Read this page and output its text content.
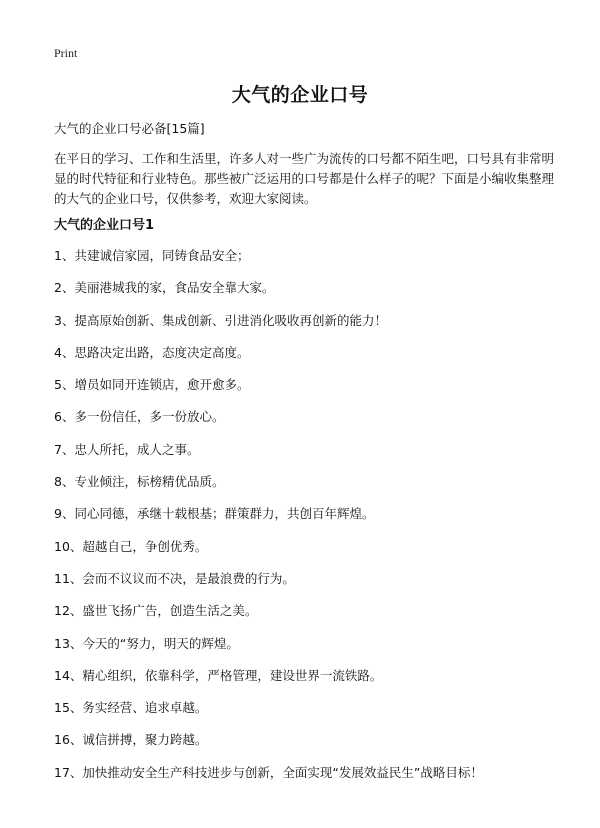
Print
大气的企业口号

大气的企业口号必备[15篇]

在平日的学习、工作和生活里，许多人对一些广为流传的口号都不陌生吧，口号具有非常明显的时代特征和行业特色。那些被广泛运用的口号都是什么样子的呢？下面是小编收集整理的大气的企业口号，仅供参考，欢迎大家阅读。

大气的企业口号1
1、共建诚信家园，同铸食品安全；
2、美丽港城我的家，食品安全靠大家。
3、提高原始创新、集成创新、引进消化吸收再创新的能力！
4、思路决定出路，态度决定高度。
5、增员如同开连锁店，愈开愈多。
6、多一份信任，多一份放心。
7、忠人所托，成人之事。
8、专业倾注，标榜精优品质。
9、同心同德，承继十载根基；群策群力，共创百年辉煌。
10、超越自己，争创优秀。
11、会而不议议而不决，是最浪费的行为。
12、盛世飞扬广告，创造生活之美。
13、今天的“努力，明天的辉煌。
14、精心组织，依靠科学，严格管理，建设世界一流铁路。
15、务实经营、追求卓越。
16、诚信拼搏，聚力跨越。
17、加快推动安全生产科技进步与创新，全面实现“发展效益民生”战略目标！
